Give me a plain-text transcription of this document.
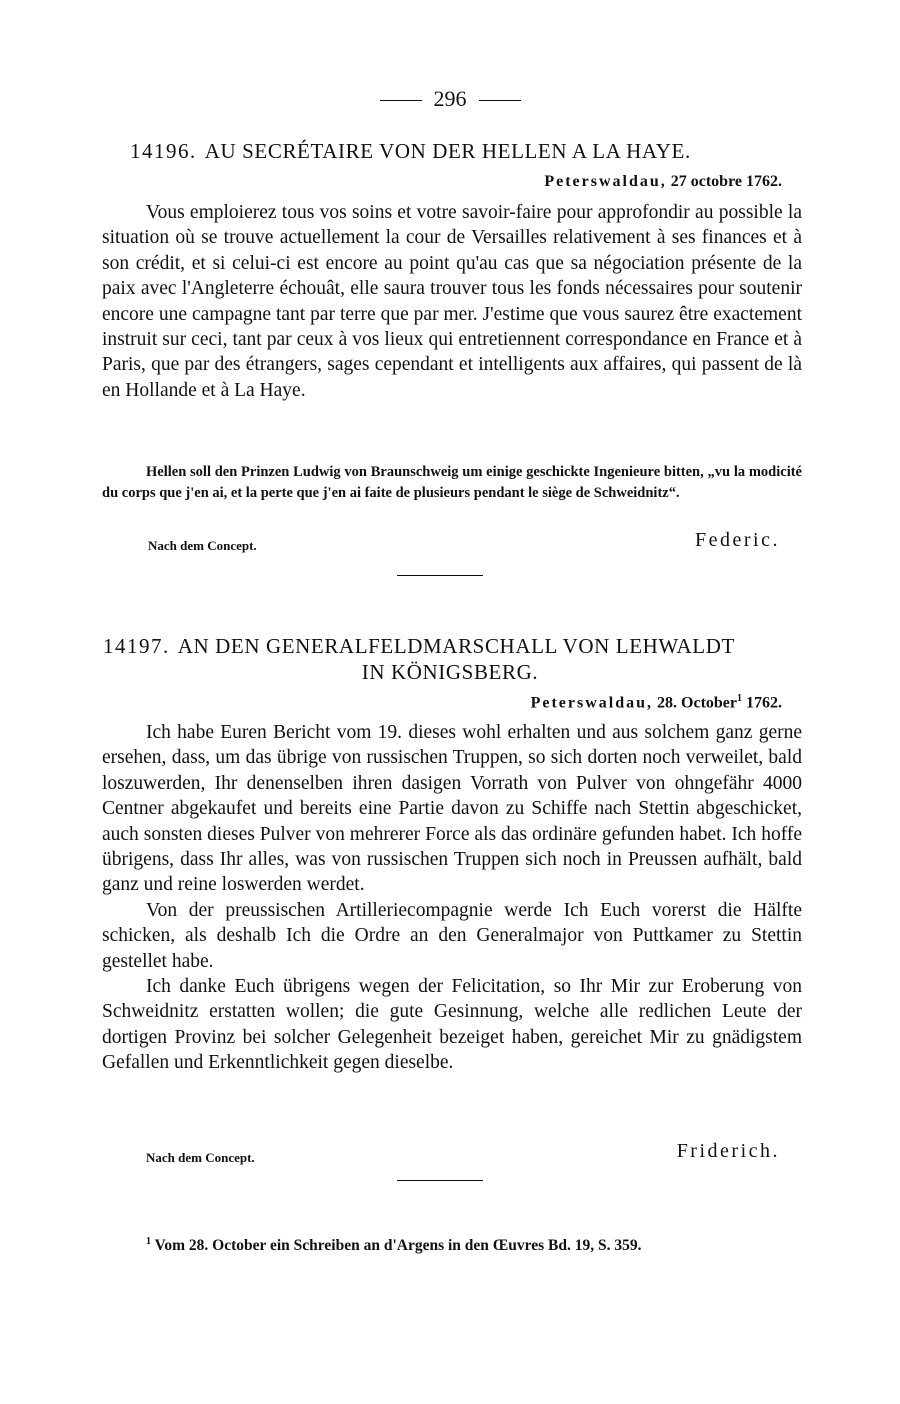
296
14196. AU SECRÉTAIRE VON DER HELLEN A LA HAYE.
Peterswaldau, 27 octobre 1762.

Vous emploierez tous vos soins et votre savoir-faire pour approfondir au possible la situation où se trouve actuellement la cour de Versailles relativement à ses finances et à son crédit, et si celui-ci est encore au point qu'au cas que sa négociation présente de la paix avec l'Angleterre échouât, elle saura trouver tous les fonds nécessaires pour soutenir encore une campagne tant par terre que par mer. J'estime que vous saurez être exactement instruit sur ceci, tant par ceux à vos lieux qui entretiennent correspondance en France et à Paris, que par des étrangers, sages cependant et intelligents aux affaires, qui passent de là en Hollande et à La Haye.

Hellen soll den Prinzen Ludwig von Braunschweig um einige geschickte Ingenieure bitten, „vu la modicité du corps que j'en ai, et la perte que j'en ai faite de plusieurs pendant le siège de Schweidnitz“.
Nach dem Concept.	Federic.
14197. AN DEN GENERALFELDMARSCHALL VON LEHWALDT
IN KÖNIGSBERG.
Peterswaldau, 28. October$^1$ 1762.

Ich habe Euren Bericht vom 19. dieses wohl erhalten und aus solchem ganz gerne ersehen, dass, um das übrige von russischen Truppen, so sich dorten noch verweilet, bald loszuwerden, Ihr denenselben ihren dasigen Vorrath von Pulver von ohngefähr 4000 Centner abgekaufet und bereits eine Partie davon zu Schiffe nach Stettin abgeschicket, auch sonsten dieses Pulver von mehrerer Force als das ordinäre gefunden habet. Ich hoffe übrigens, dass Ihr alles, was von russischen Truppen sich noch in Preussen aufhält, bald ganz und reine loswerden werdet.

Von der preussischen Artilleriecompagnie werde Ich Euch vorerst die Hälfte schicken, als deshalb Ich die Ordre an den Generalmajor von Puttkamer zu Stettin gestellet habe.

Ich danke Euch übrigens wegen der Felicitation, so Ihr Mir zur Eroberung von Schweidnitz erstatten wollen; die gute Gesinnung, welche alle redlichen Leute der dortigen Provinz bei solcher Gelegenheit bezeiget haben, gereichet Mir zu gnädigstem Gefallen und Erkenntlichkeit gegen dieselbe.

Nach dem Concept.	Friderich.
$^1$ Vom 28. October ein Schreiben an d'Argens in den Œuvres Bd. 19, S. 359.
